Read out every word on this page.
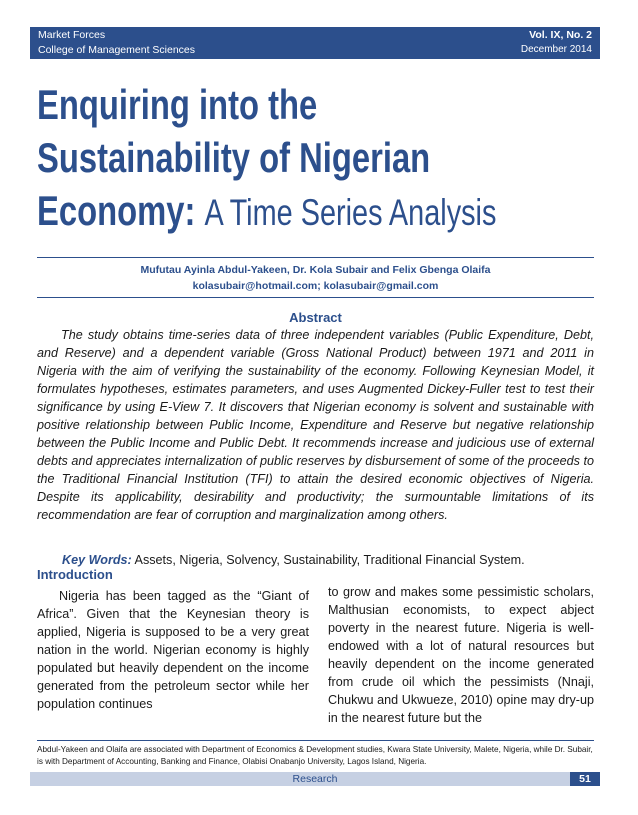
Market Forces
College of Management Sciences
Vol. IX, No. 2
December 2014
Enquiring into the
Sustainability of Nigerian
Economy: A Time Series Analysis
Mufutau Ayinla Abdul-Yakeen, Dr. Kola Subair and Felix Gbenga Olaifa
kolasubair@hotmail.com; kolasubair@gmail.com
Abstract
The study obtains time-series data of three independent variables (Public Expenditure, Debt, and Reserve) and a dependent variable (Gross National Product) between 1971 and 2011 in Nigeria with the aim of verifying the sustainability of the economy. Following Keynesian Model, it formulates hypotheses, estimates parameters, and uses Augmented Dickey-Fuller test to test their significance by using E-View 7. It discovers that Nigerian economy is solvent and sustainable with positive relationship between Public Income, Expenditure and Reserve but negative relationship between the Public Income and Public Debt. It recommends increase and judicious use of external debts and appreciates internalization of public reserves by disbursement of some of the proceeds to the Traditional Financial Institution (TFI) to attain the desired economic objectives of Nigeria. Despite its applicability, desirability and productivity; the surmountable limitations of its recommendation are fear of corruption and marginalization among others.
Key Words: Assets, Nigeria, Solvency, Sustainability, Traditional Financial System.
Introduction

Nigeria has been tagged as the “Giant of Africa”. Given that the Keynesian theory is applied, Nigeria is supposed to be a very great nation in the world. Nigerian economy is highly populated but heavily dependent on the income generated from the petroleum sector while her population continues

to grow and makes some pessimistic scholars, Malthusian economists, to expect abject poverty in the nearest future. Nigeria is well-endowed with a lot of natural resources but heavily dependent on the income generated from crude oil which the pessimists (Nnaji, Chukwu and Ukwueze, 2010) opine may dry-up in the nearest future but the

Abdul-Yakeen and Olaifa are associated with Department of Economics & Development studies, Kwara State University, Malete, Nigeria, while Dr. Subair, is with Department of Accounting, Banking and Finance, Olabisi Onabanjo University, Lagos Island, Nigeria.
Research	51
